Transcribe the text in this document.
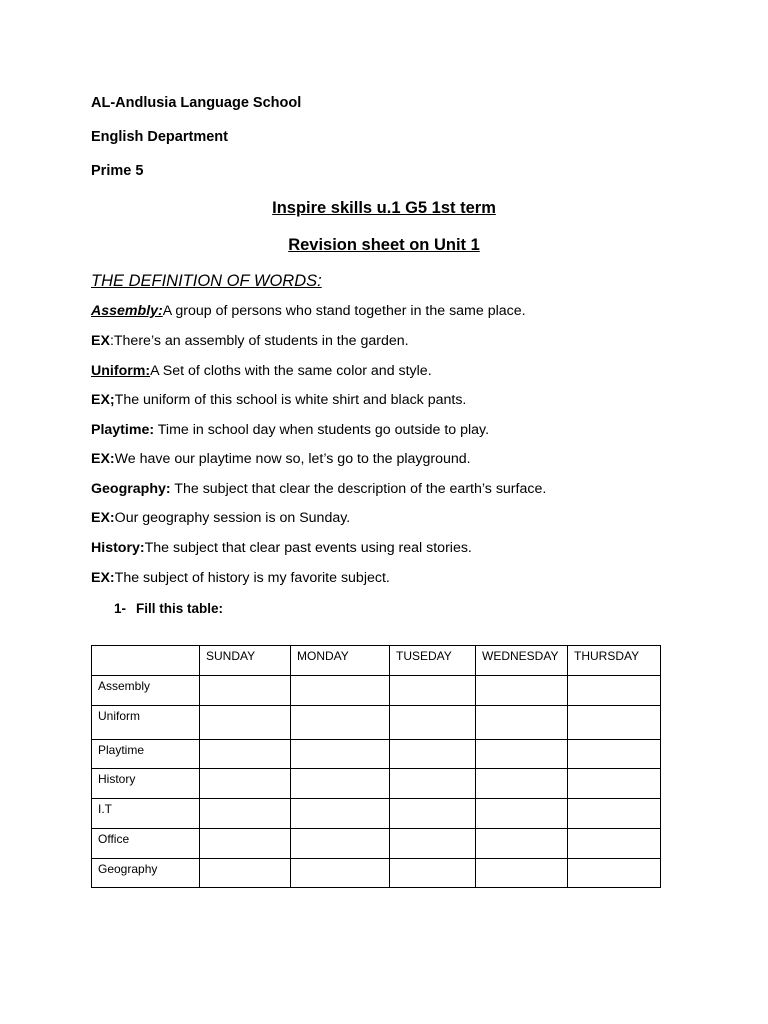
AL-Andlusia Language School
English Department
Prime 5
Inspire skills u.1 G5 1st term
Revision sheet on Unit 1
THE DEFINITION OF WORDS:
Assembly:A group of persons who stand together in the same place.
EX:There’s an assembly of students in the garden.
Uniform:A Set of cloths with the same color and style.
EX;The uniform of this school is white shirt and black pants.
Playtime: Time in school day when students go outside to play.
EX:We have our playtime now so, let’s go to the playground.
Geography: The subject that clear the description of the earth’s surface.
EX:Our geography session is on Sunday.
History:The subject that clear past events using real stories.
EX:The subject of history is my favorite subject.
1- Fill this table:
	SUNDAY	MONDAY	TUSEDAY	WEDNESDAY	THURSDAY
Assembly					
Uniform					
Playtime					
History					
I.T					
Office					
Geography					
